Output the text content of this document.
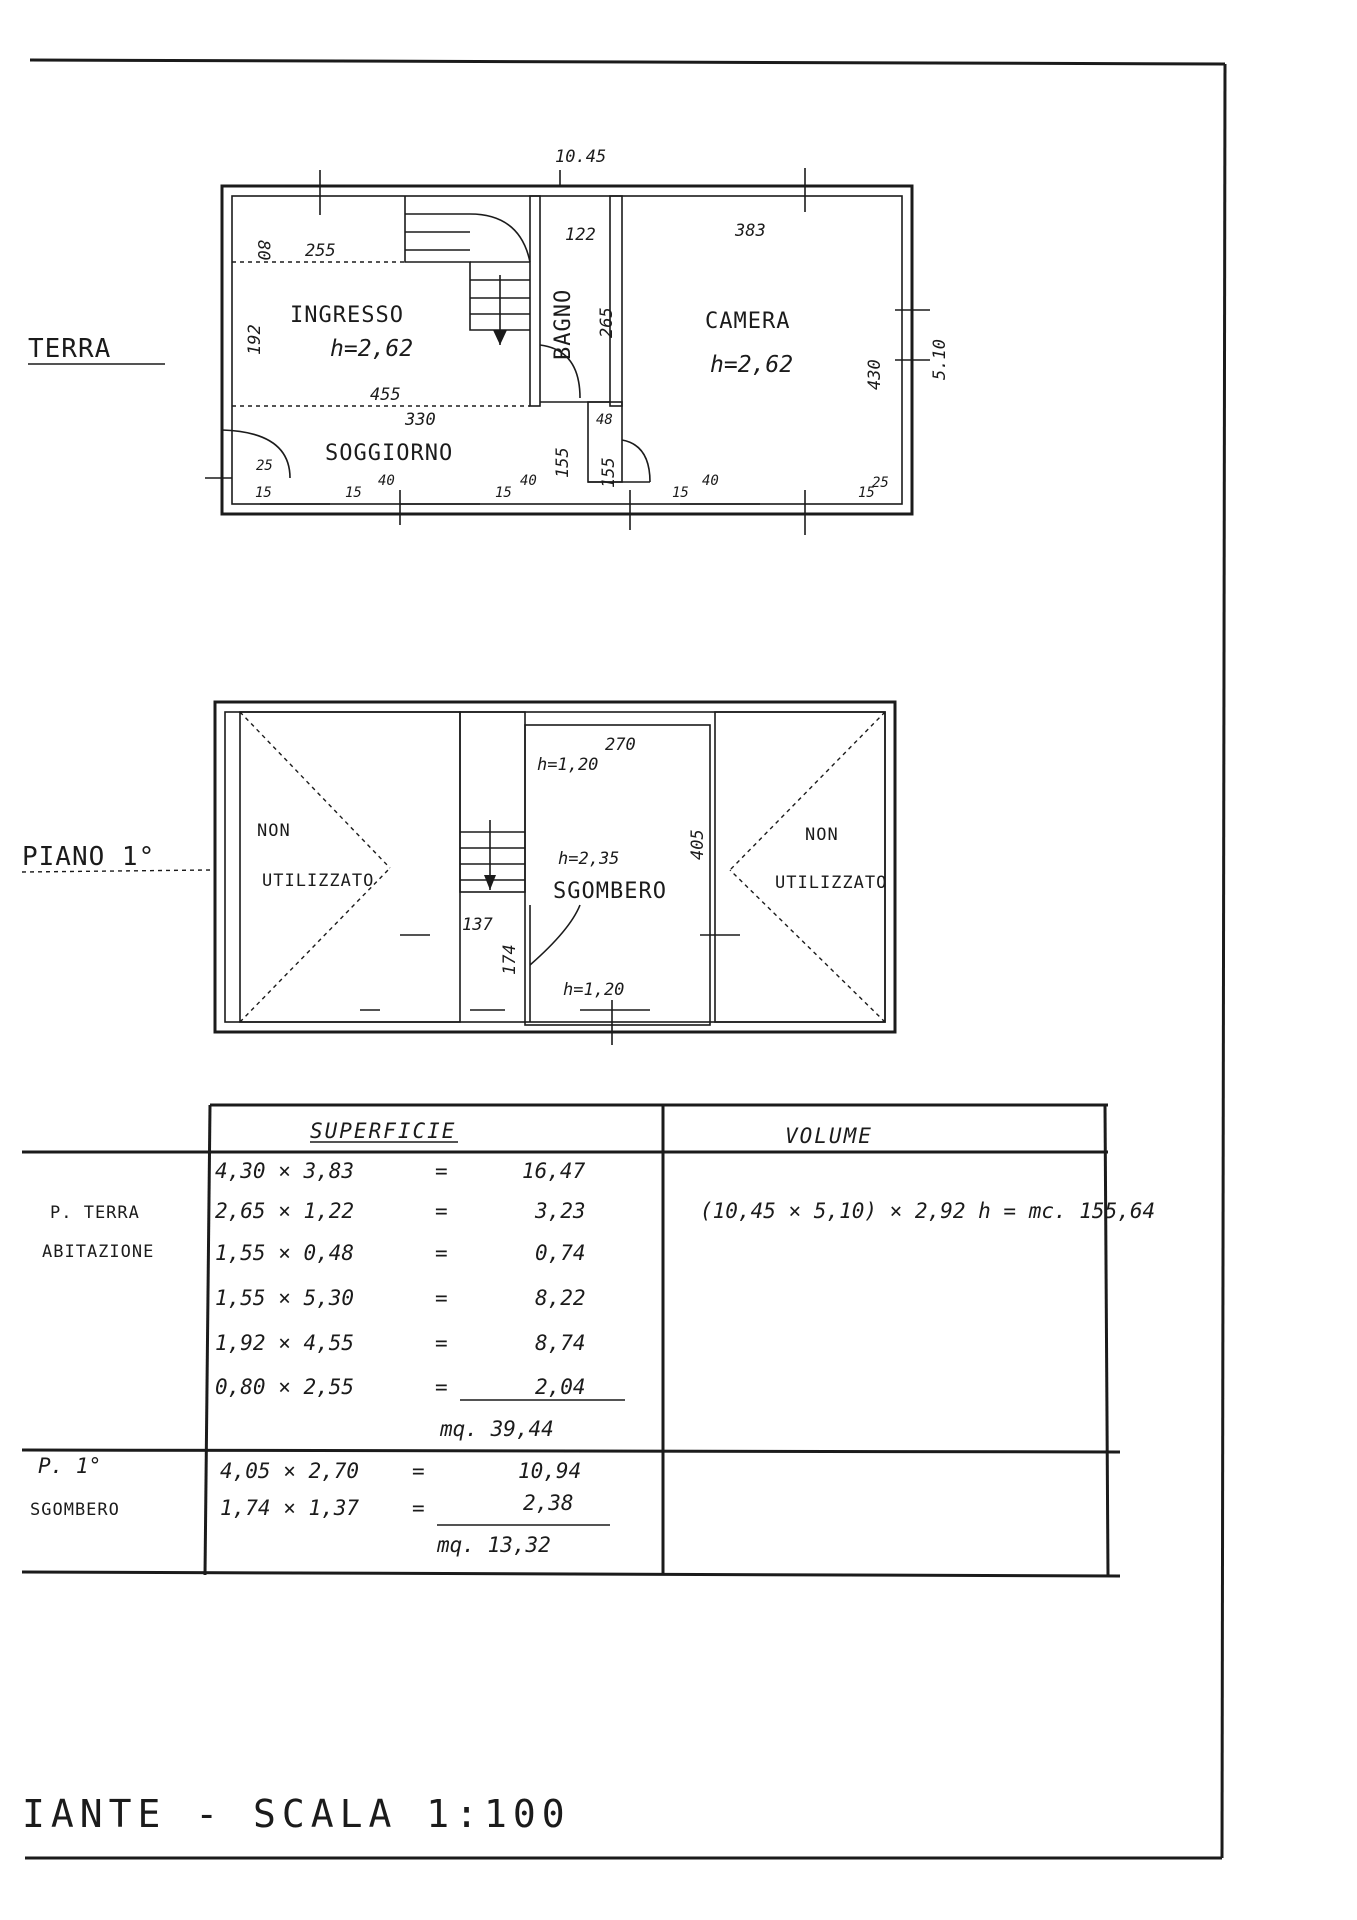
10.45
5.10
TERRA
INGRESSO
h=2,62
SOGGIORNO
BAGNO	CAMERA
h=2,62
80 255
192
455
330
122
265
48
155 155
383
430
25
25
15	15	15	15	15
40	40	40
PIANO 1°
NON
UTILIZZATO
NON
UTILIZZATO
SGOMBERO
h=2,35
h=1,20
h=1,20
270
405
137
174
SUPERFICIE	VOLUME
P. TERRA
ABITAZIONE
4,30 × 3,83	=	16,47
2,65 × 1,22	=	3,23
1,55 × 0,48	=	0,74
1,55 × 5,30	=	8,22
1,92 × 4,55	=	8,74
0,80 × 2,55	=	2,04
mq. 39,44
P. 1°
SGOMBERO
4,05 × 2,70	=	10,94
1,74 × 1,37	=	2,38
mq. 13,32
(10,45 × 5,10) × 2,92 h = mc. 155,64
IANTE - SCALA 1:100
